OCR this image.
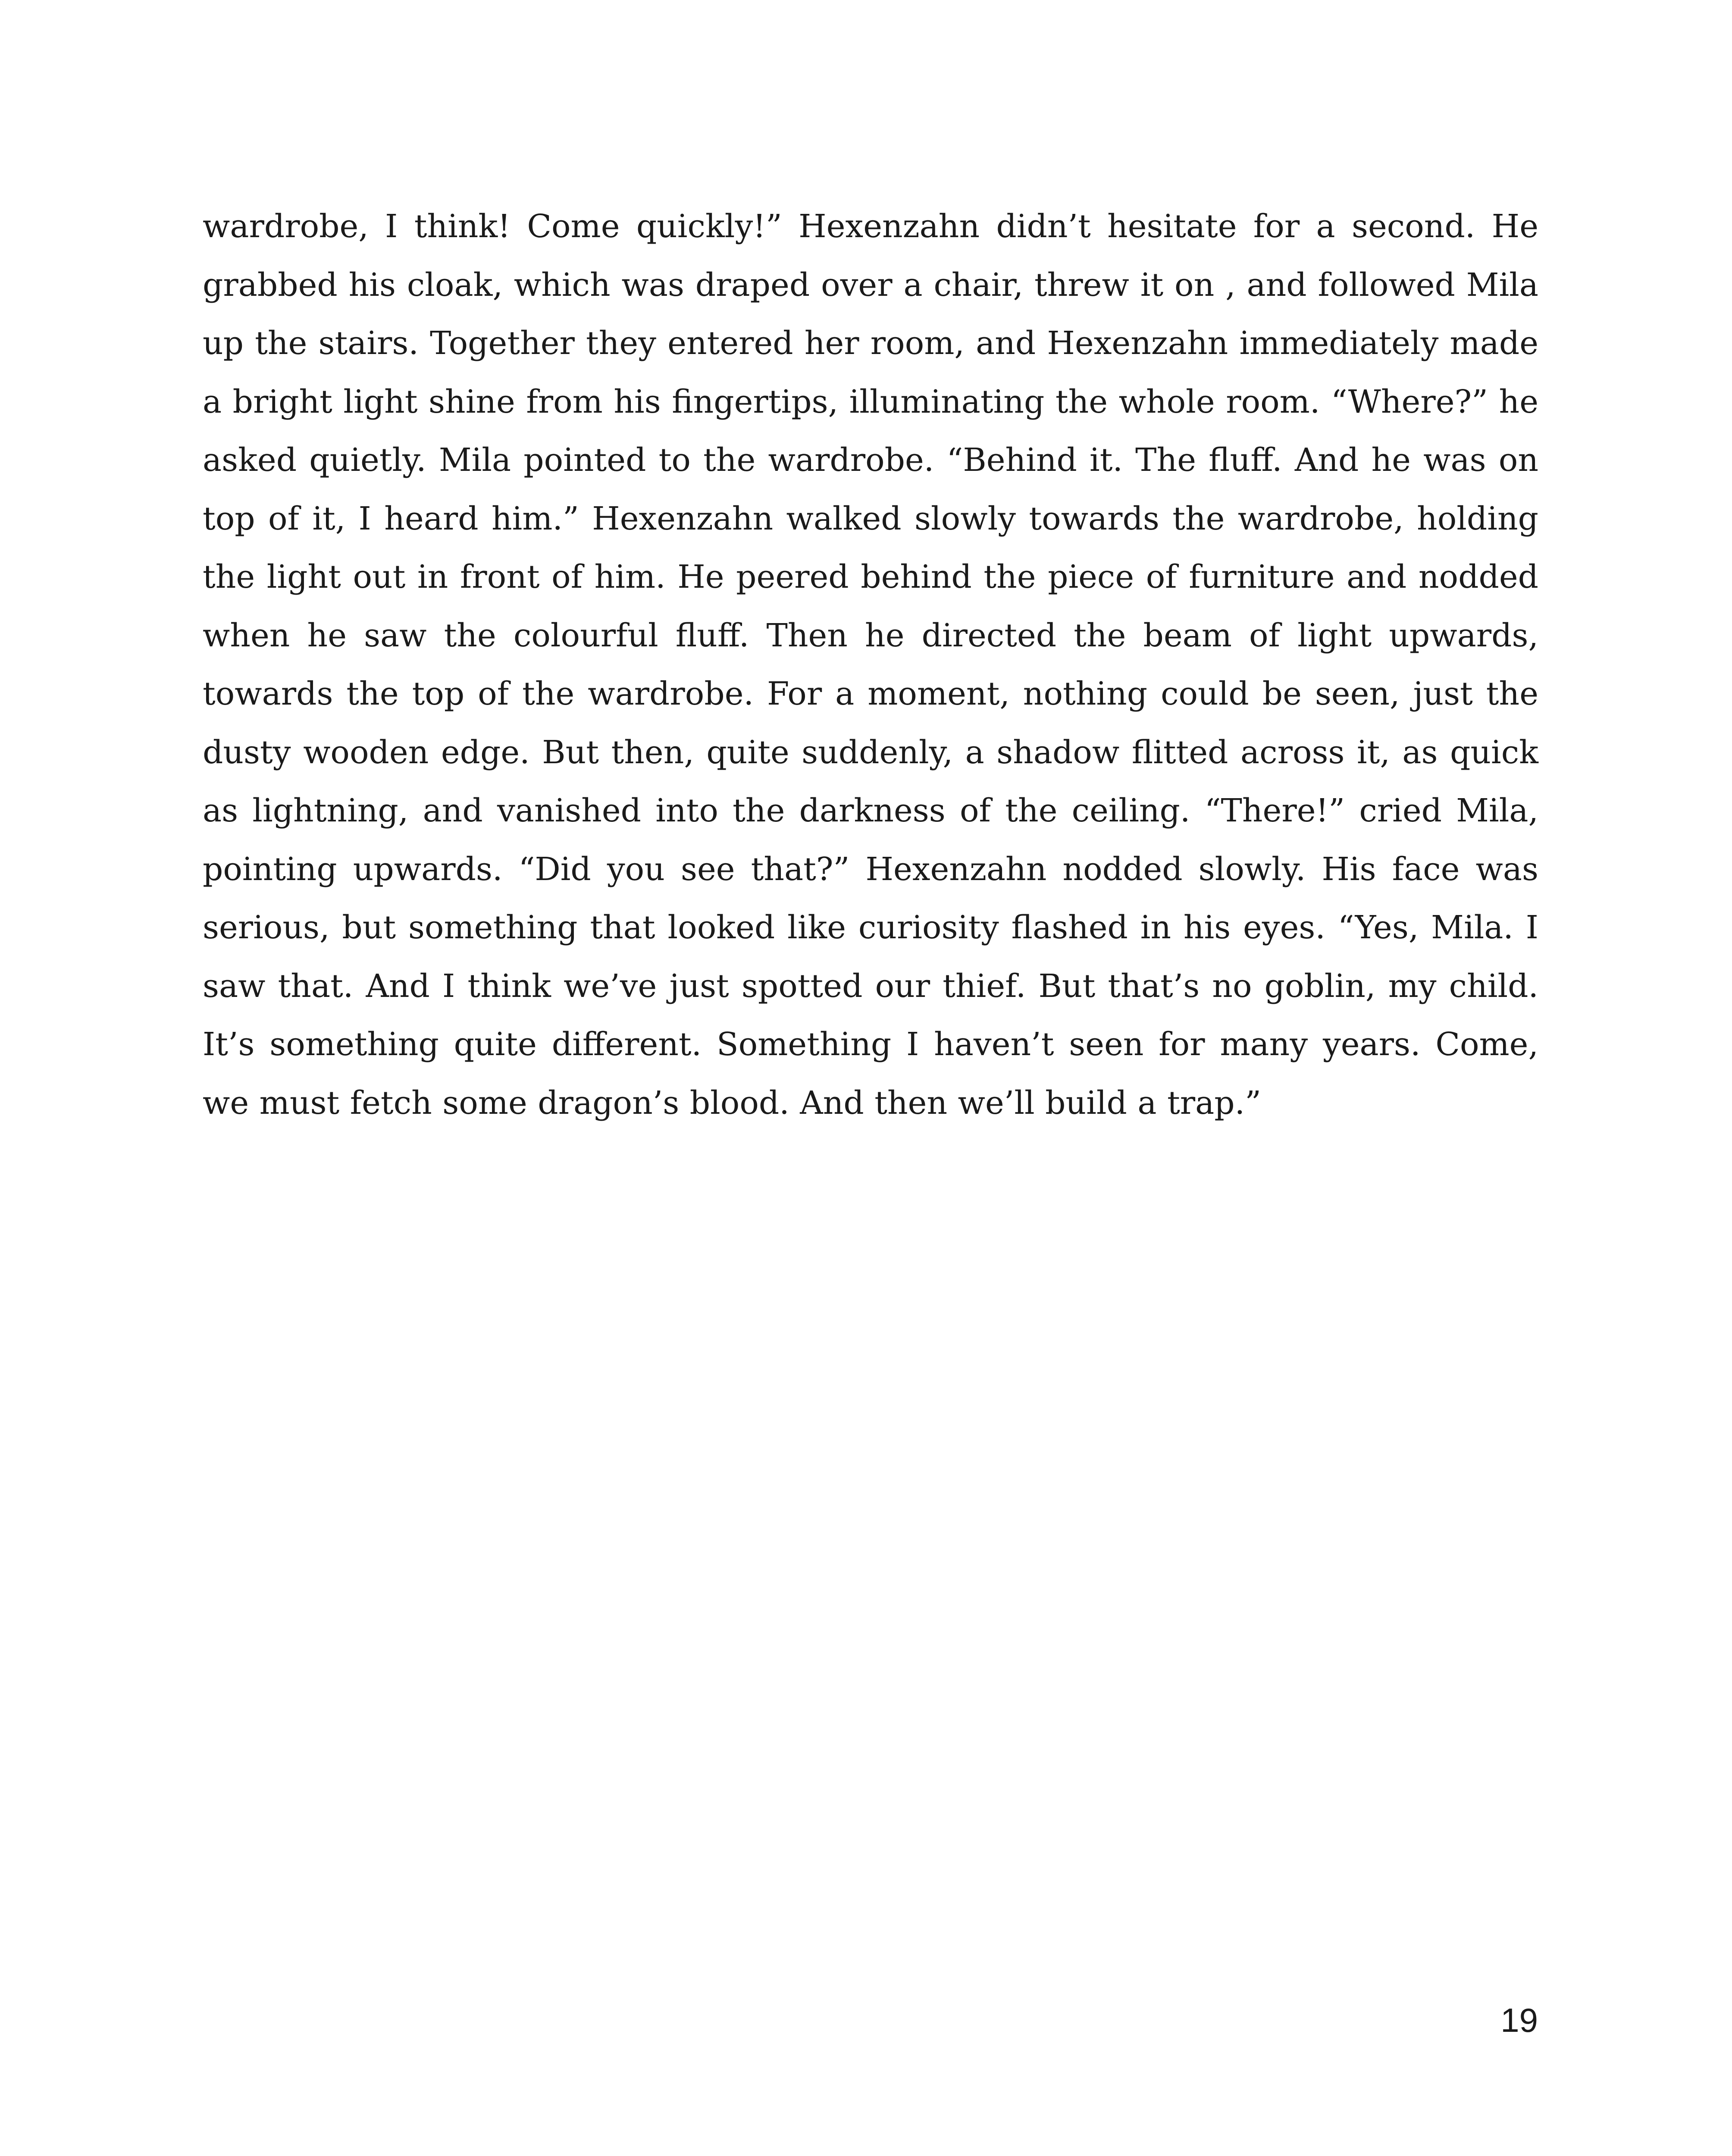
wardrobe, I think! Come quickly!” Hexenzahn didn’t hesitate for a second. He grabbed his cloak, which was draped over a chair, threw it on , and followed Mila up the stairs. Together they entered her room, and Hexenzahn immediately made a bright light shine from his fingertips, illuminating the whole room. “Where?” he asked quietly. Mila pointed to the wardrobe. “Behind it. The fluff. And he was on top of it, I heard him.” Hexenzahn walked slowly towards the wardrobe, holding the light out in front of him. He peered behind the piece of furniture and nodded when he saw the colourful fluff. Then he directed the beam of light upwards, towards the top of the wardrobe. For a moment, nothing could be seen, just the dusty wooden edge. But then, quite suddenly, a shadow flitted across it, as quick as lightning, and vanished into the darkness of the ceiling. “There!” cried Mila, pointing upwards. “Did you see that?” Hexenzahn nodded slowly. His face was serious, but something that looked like curiosity flashed in his eyes. “Yes, Mila. I saw that. And I think we’ve just spotted our thief. But that’s no goblin, my child. It’s something quite different. Something I haven’t seen for many years. Come, we must fetch some dragon’s blood. And then we’ll build a trap.”

19
